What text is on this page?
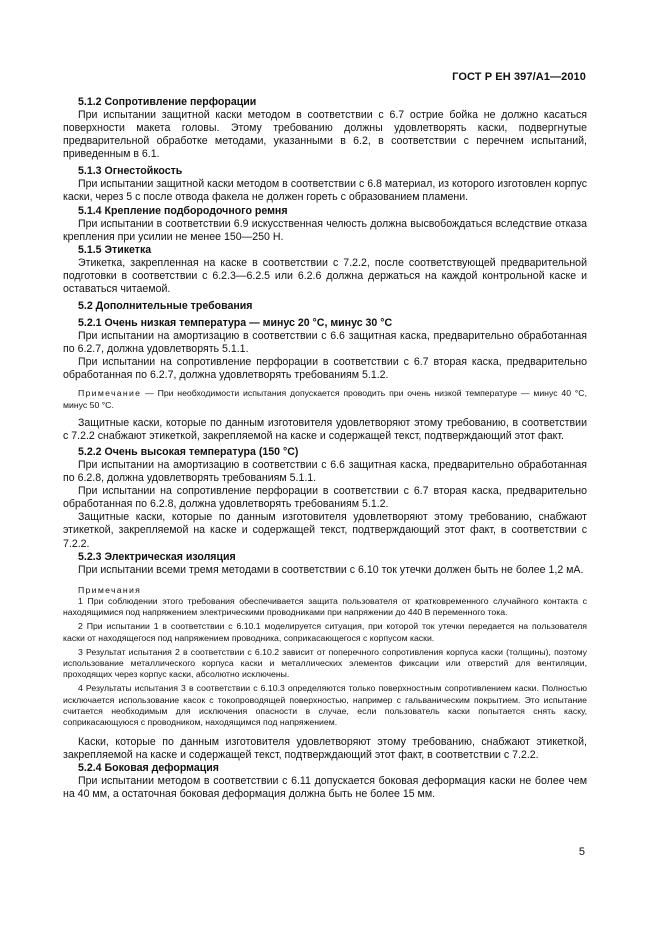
ГОСТ Р ЕН 397/А1—2010
5.1.2 Сопротивление перфорации

При испытании защитной каски методом в соответствии с 6.7 острие бойка не должно касаться поверхности макета головы. Этому требованию должны удовлетворять каски, подвергнутые предварительной обработке методами, указанными в 6.2, в соответствии с перечнем испытаний, приведенным в 6.1.

5.1.3 Огнестойкость

При испытании защитной каски методом в соответствии с 6.8 материал, из которого изготовлен корпус каски, через 5 с после отвода факела не должен гореть с образованием пламени.

5.1.4 Крепление подбородочного ремня

При испытании в соответствии 6.9 искусственная челюсть должна высвобождаться вследствие отказа крепления при усилии не менее 150—250 Н.

5.1.5 Этикетка

Этикетка, закрепленная на каске в соответствии с 7.2.2, после соответствующей предварительной подготовки в соответствии с 6.2.3—6.2.5 или 6.2.6 должна держаться на каждой контрольной каске и оставаться читаемой.

5.2 Дополнительные требования
5.2.1 Очень низкая температура — минус 20 °С, минус 30 °С

При испытании на амортизацию в соответствии с 6.6 защитная каска, предварительно обработанная по 6.2.7, должна удовлетворять 5.1.1.

При испытании на сопротивление перфорации в соответствии с 6.7 вторая каска, предварительно обработанная по 6.2.7, должна удовлетворять требованиям 5.1.2.

Примечание — При необходимости испытания допускается проводить при очень низкой температуре — минус 40 °С, минус 50 °С.

Защитные каски, которые по данным изготовителя удовлетворяют этому требованию, в соответствии с 7.2.2 снабжают этикеткой, закрепляемой на каске и содержащей текст, подтверждающий этот факт.

5.2.2 Очень высокая температура (150 °С)

При испытании на амортизацию в соответствии с 6.6 защитная каска, предварительно обработанная по 6.2.8, должна удовлетворять требованиям 5.1.1.

При испытании на сопротивление перфорации в соответствии с 6.7 вторая каска, предварительно обработанная по 6.2.8, должна удовлетворять требованиям 5.1.2.

Защитные каски, которые по данным изготовителя удовлетворяют этому требованию, снабжают этикеткой, закрепляемой на каске и содержащей текст, подтверждающий этот факт, в соответствии с 7.2.2.

5.2.3 Электрическая изоляция

При испытании всеми тремя методами в соответствии с 6.10 ток утечки должен быть не более 1,2 мА.

Примечания

1 При соблюдении этого требования обеспечивается защита пользователя от кратковременного случайного контакта с находящимися под напряжением электрическими проводниками при напряжении до 440 В переменного тока.

2 При испытании 1 в соответствии с 6.10.1 моделируется ситуация, при которой ток утечки передается на пользователя каски от находящегося под напряжением проводника, соприкасающегося с корпусом каски.

3 Результат испытания 2 в соответствии с 6.10.2 зависит от поперечного сопротивления корпуса каски (толщины), поэтому использование металлического корпуса каски и металлических элементов фиксации или отверстий для вентиляции, проходящих через корпус каски, абсолютно исключены.

4 Результаты испытания 3 в соответствии с 6.10.3 определяются только поверхностным сопротивлением каски. Полностью исключается использование касок с токопроводящей поверхностью, например с гальваническим покрытием. Это испытание считается необходимым для исключения опасности в случае, если пользователь каски попытается снять каску, соприкасающуюся с проводником, находящимся под напряжением.

Каски, которые по данным изготовителя удовлетворяют этому требованию, снабжают этикеткой, закрепляемой на каске и содержащей текст, подтверждающий этот факт, в соответствии с 7.2.2.

5.2.4 Боковая деформация

При испытании методом в соответствии с 6.11 допускается боковая деформация каски не более чем на 40 мм, а остаточная боковая деформация должна быть не более 15 мм.

5
